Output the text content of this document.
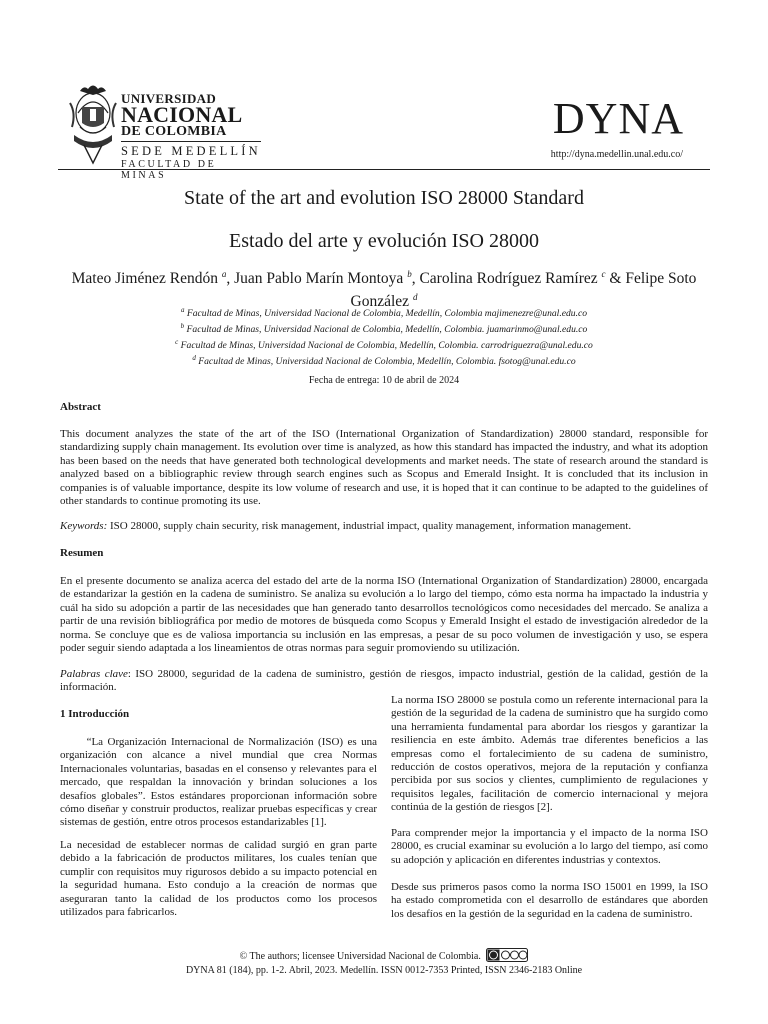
UNIVERSIDAD
NACIONAL
DE COLOMBIA
SEDE MEDELLÍN
FACULTAD DE MINAS
DYNA
http://dyna.medellin.unal.edu.co/
State of the art and evolution ISO 28000 Standard
Estado del arte y evolución ISO 28000
Mateo Jiménez Rendón $^a$, Juan Pablo Marín Montoya $^b$, Carolina Rodríguez Ramírez $^c$ & Felipe Soto González $^d$
$^a$ Facultad de Minas, Universidad Nacional de Colombia, Medellín, Colombia majimenezre@unal.edu.co
$^b$ Facultad de Minas, Universidad Nacional de Colombia, Medellín, Colombia. juamarinmo@unal.edu.co
$^c$ Facultad de Minas, Universidad Nacional de Colombia, Medellín, Colombia. carrodriguezra@unal.edu.co
$^d$ Facultad de Minas, Universidad Nacional de Colombia, Medellín, Colombia. fsotog@unal.edu.co
Fecha de entrega: 10 de abril de 2024
Abstract
This document analyzes the state of the art of the ISO (International Organization of Standardization) 28000 standard, responsible for standardizing supply chain management. Its evolution over time is analyzed, as how this standard has impacted the industry, and what its adoption has been based on the needs that have generated both technological developments and market needs. The state of research around the standard is analyzed based on a bibliographic review through search engines such as Scopus and Emerald Insight. It is concluded that its inclusion in companies is of valuable importance, despite its low volume of research and use, it is hoped that it can continue to be adapted to the guidelines of other standards to continue promoting its use.
Keywords: ISO 28000, supply chain security, risk management, industrial impact, quality management, information management.
Resumen
En el presente documento se analiza acerca del estado del arte de la norma ISO (International Organization of Standardization) 28000, encargada de estandarizar la gestión en la cadena de suministro. Se analiza su evolución a lo largo del tiempo, cómo esta norma ha impactado la industria y cuál ha sido su adopción a partir de las necesidades que han generado tanto desarrollos tecnológicos como necesidades del mercado. Se analiza a partir de una revisión bibliográfica por medio de motores de búsqueda como Scopus y Emerald Insight el estado de investigación alrededor de la norma. Se concluye que es de valiosa importancia su inclusión en las empresas, a pesar de su poco volumen de investigación y uso, se espera poder seguir siendo adaptada a los lineamientos de otras normas para seguir promoviendo su utilización.
Palabras clave: ISO 28000, seguridad de la cadena de suministro, gestión de riesgos, impacto industrial, gestión de la calidad, gestión de la información.
1 Introducción
“La Organización Internacional de Normalización (ISO) es una organización con alcance a nivel mundial que crea Normas Internacionales voluntarias, basadas en el consenso y relevantes para el mercado, que respaldan la innovación y brindan soluciones a los desafíos globales”. Estos estándares proporcionan información sobre cómo diseñar y construir productos, realizar pruebas específicas y crear sistemas de gestión, entre otros procesos estandarizables [1].
La necesidad de establecer normas de calidad surgió en gran parte debido a la fabricación de productos militares, los cuales tenían que cumplir con requisitos muy rigurosos debido a su impacto potencial en la seguridad humana. Esto condujo a la creación de normas que aseguraran tanto la calidad de los productos como los procesos utilizados para fabricarlos.
La norma ISO 28000 se postula como un referente internacional para la gestión de la seguridad de la cadena de suministro que ha surgido como una herramienta fundamental para abordar los riesgos y garantizar la resiliencia en este ámbito. Además trae diferentes beneficios a las empresas como el fortalecimiento de su cadena de suministro, reducción de costos operativos, mejora de la reputación y confianza percibida por sus socios y clientes, cumplimiento de regulaciones y requisitos legales, facilitación de comercio internacional y mejora continúa de la gestión de riesgos [2].
Para comprender mejor la importancia y el impacto de la norma ISO 28000, es crucial examinar su evolución a lo largo del tiempo, así como su adopción y aplicación en diferentes industrias y contextos.
Desde sus primeros pasos como la norma ISO 15001 en 1999, la ISO ha estado comprometida con el desarrollo de estándares que aborden los desafíos en la gestión de la seguridad en la cadena de suministro.
© The authors; licensee Universidad Nacional de Colombia.
DYNA 81 (184), pp. 1-2. Abril, 2023. Medellín. ISSN 0012-7353 Printed, ISSN 2346-2183 Online
